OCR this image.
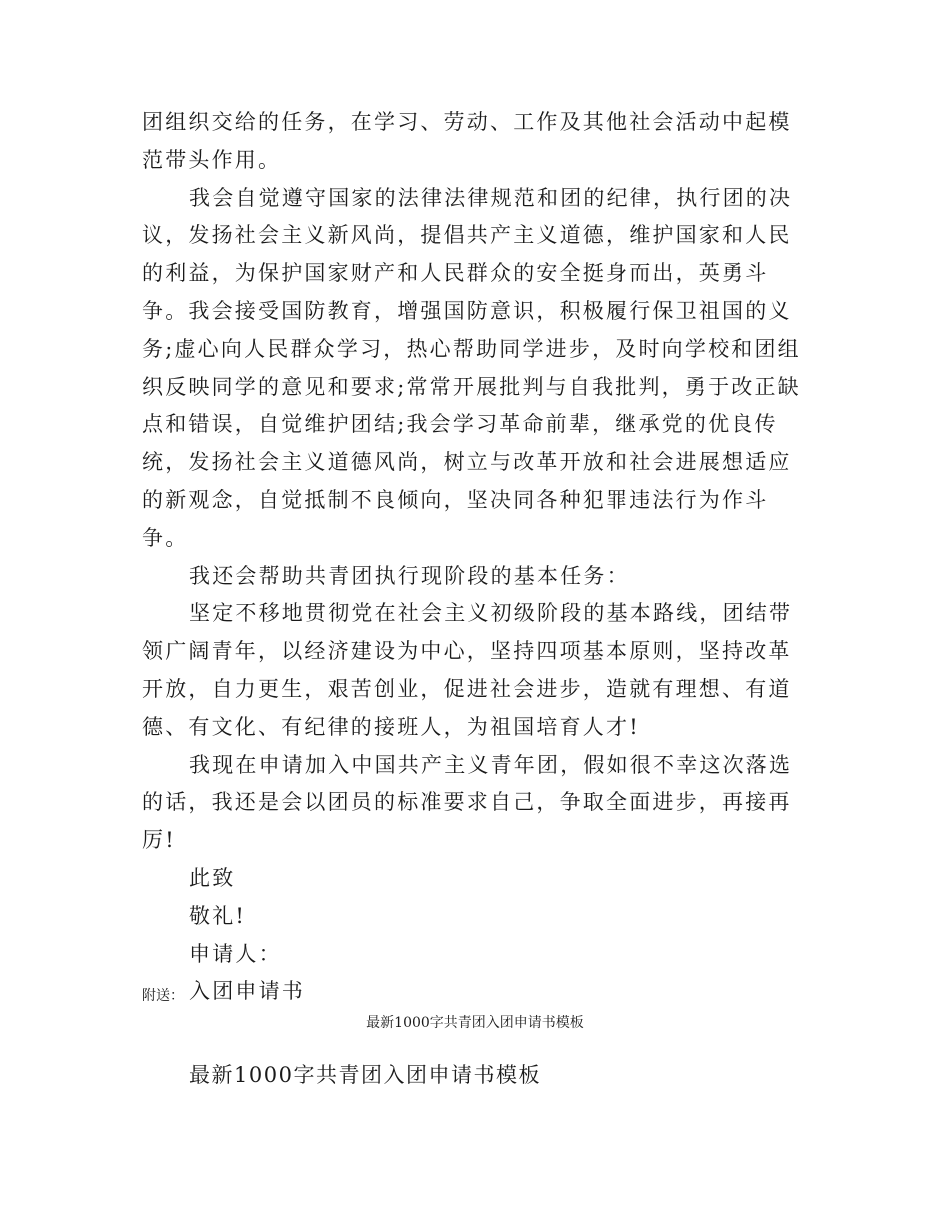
团组织交给的任务，在学习、劳动、工作及其他社会活动中起模范带头作用。

我会自觉遵守国家的法律法律规范和团的纪律，执行团的决议，发扬社会主义新风尚，提倡共产主义道德，维护国家和人民的利益，为保护国家财产和人民群众的安全挺身而出，英勇斗争。我会接受国防教育，增强国防意识，积极履行保卫祖国的义务;虚心向人民群众学习，热心帮助同学进步，及时向学校和团组织反映同学的意见和要求;常常开展批判与自我批判，勇于改正缺点和错误，自觉维护团结;我会学习革命前辈，继承党的优良传统，发扬社会主义道德风尚，树立与改革开放和社会进展想适应的新观念，自觉抵制不良倾向，坚决同各种犯罪违法行为作斗争。

我还会帮助共青团执行现阶段的基本任务：

坚定不移地贯彻党在社会主义初级阶段的基本路线，团结带领广阔青年，以经济建设为中心，坚持四项基本原则，坚持改革开放，自力更生，艰苦创业，促进社会进步，造就有理想、有道德、有文化、有纪律的接班人，为祖国培育人才!

我现在申请加入中国共产主义青年团，假如很不幸这次落选的话，我还是会以团员的标准要求自己，争取全面进步，再接再厉!

此致

敬礼!

申请人：

入团申请书

附送：
最新1000字共青团入团申请书模板
最新1000字共青团入团申请书模板
